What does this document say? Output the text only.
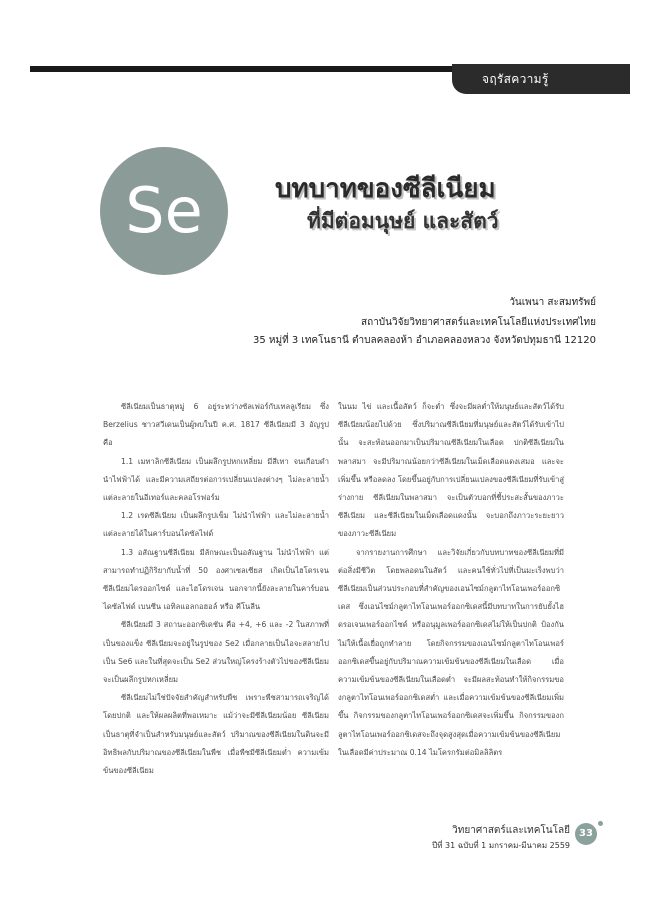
จฤรัสความรู้
Se	บทบาทของซีลีเนียม
ที่มีต่อมนุษย์ และสัตว์
วันเพนา สะสมทรัพย์
สถาบันวิจัยวิทยาศาสตร์และเทคโนโลยีแห่งประเทศไทย
35 หมู่ที่ 3 เทคโนธานี ตำบลคลองห้า อำเภอคลองหลวง จังหวัดปทุมธานี 12120

ซีลีเนียมเป็นธาตุหมู่ 6 อยู่ระหว่างซัลเฟอร์กับเทลลูเรียม ซึ่ง Berzelius ชาวสวีเดนเป็นผู้พบในปี ค.ศ. 1817 ซีลีเนียมมี 3 อัญรูป คือ

1.1 เมทาลิกซีลีเนียม เป็นผลึกรูปหกเหลี่ยม มีสีเทา จนเกือบดำ นำไฟฟ้าได้ และมีความเสถียรต่อการเปลี่ยนแปลงต่างๆ ไม่ละลายน้ำ แต่ละลายในอีเทอร์และคลอโรฟอร์ม

1.2 เรดซีลีเนียม เป็นผลึกรูปเข็ม ไม่นำไฟฟ้า และไม่ละลายน้ำ แต่ละลายได้ในคาร์บอนไดซัลไฟด์

1.3 อสัณฐานซีลีเนียม มีลักษณะเป็นอสัณฐาน ไม่นำไฟฟ้า แต่สามารถทำปฏิกิริยากับน้ำที่ 50 องศาเซลเซียส เกิดเป็นไฮโดรเจนซีลีเนียมไดรออกไซด์ และไฮโดรเจน นอกจากนี้ยังละลายในคาร์บอนไดซัลไฟด์ เบนซีน เอทิลแอลกอฮอล์ หรือ คีโนลีน

ซีลีเนียมมี 3 สถานะออกซิเดชัน คือ +4, +6 และ -2 ในสภาพที่เป็นของแข็ง ซีลีเนียมจะอยู่ในรูปของ Se2 เมื่อกลายเป็นไอจะสลายไปเป็น Se6 และในที่สุดจะเป็น Se2 ส่วนใหญ่โครงร้างตัวไปของซีลีเนียมจะเป็นผลึกรูปหกเหลี่ยม

ซีลีเนียมไม่ใช่ปัจจัยสำคัญสำหรับพืช เพราะพืชสามารถเจริญได้โดยปกติ และให้ผลผลิตที่พอเหมาะ แม้ว่าจะมีซีลีเนียมน้อย ซีลีเนียมเป็นธาตุที่จำเป็นสำหรับมนุษย์และสัตว์ ปริมาณของซีลีเนียมในดินจะมีอิทธิพลกับปริมาณของซีลีเนียมในพืช เมื่อพืชมีซีลีเนียมต่ำ ความเข้มข้นของซีลีเนียม

ในนม ไข่ และเนื้อสัตว์ ก็จะต่ำ ซึ่งจะมีผลต่ำให้มนุษย์และสัตว์ได้รับซีลีเนียมน้อยไปด้วย ซึ่งปริมาณซีลีเนียมที่มนุษย์และสัตว์ได้รับเข้าไปนั้น จะสะท้อนออกมาเป็นปริมาณซีลีเนียมในเลือด ปกติซีลีเนียมในพลาสมา จะมีปริมาณน้อยกว่าซีลีเนียมในเม็ดเลือดแดงเสมอ และจะเพิ่มขึ้น หรือลดลง โดยขึ้นอยู่กับการเปลี่ยนแปลงของซีลีเนียมที่รับเข้าสู่ร่างกาย ซีลีเนียมในพลาสมา จะเป็นตัวบอกที่ชี้ประสะสั้นของภาวะซีลีเนียม และซีลีเนียมในเม็ดเลือดแดงนั้น จะบอกถึงภาวะระยะยาวของภาวะซีลีเนียม

จากรายงานการศึกษา และวิจัยเกี่ยวกับบทบาทของซีลีเนียมที่มีต่อสิ่งมีชีวิต โดยพลอดนในสัตว์ และคนใช้ทั่วไปที่เป็นมะเร็งพบว่า ซีลีเนียมเป็นส่วนประกอบที่สำคัญของเอนไซม์กลูตาไทโอนเพอร์ออกซิเดส ซึ่งเอนไซม์กลูตาไทโอนเพอร์ออกซิเดสนี้มีบทบาทในการยับยั้งไฮดรอเจนเพอร์ออกไซด์ หรืออนุมูลเพอร์ออกซิเดสไม่ให้เป็นปกติ ป้องกันไม่ให้เนื้อเยื่อถูกทำลาย โดยกิจกรรมของเอนไซม์กลูตาไทโอนเพอร์ออกซิเดสขึ้นอยู่กับปริมาณความเข้มข้นของซีลีเนียมในเลือด เมื่อความเข้มข้นของซีลีเนียมในเลือดต่ำ จะมีผลสะท้อนทำให้กิจกรรมของกลูตาไทโอนเพอร์ออกซิเดสต่ำ และเมื่อความเข้มข้นของซีลีเนียมเพิ่มขึ้น กิจกรรมของกลูตาไทโอนเพอร์ออกซิเดสจะเพิ่มขึ้น กิจกรรมของกลูตาไทโอนเพอร์ออกซิเดสจะถึงจุดสูงสุดเมื่อความเข้มข้นของซีลีเนียมในเลือดมีค่าประมาณ 0.14 ไมโครกรัมต่อมิลลิลิตร

วิทยาศาสตร์และเทคโนโลยี
ปีที่ 31 ฉบับที่ 1 มกราคม-มีนาคม 2559
33
